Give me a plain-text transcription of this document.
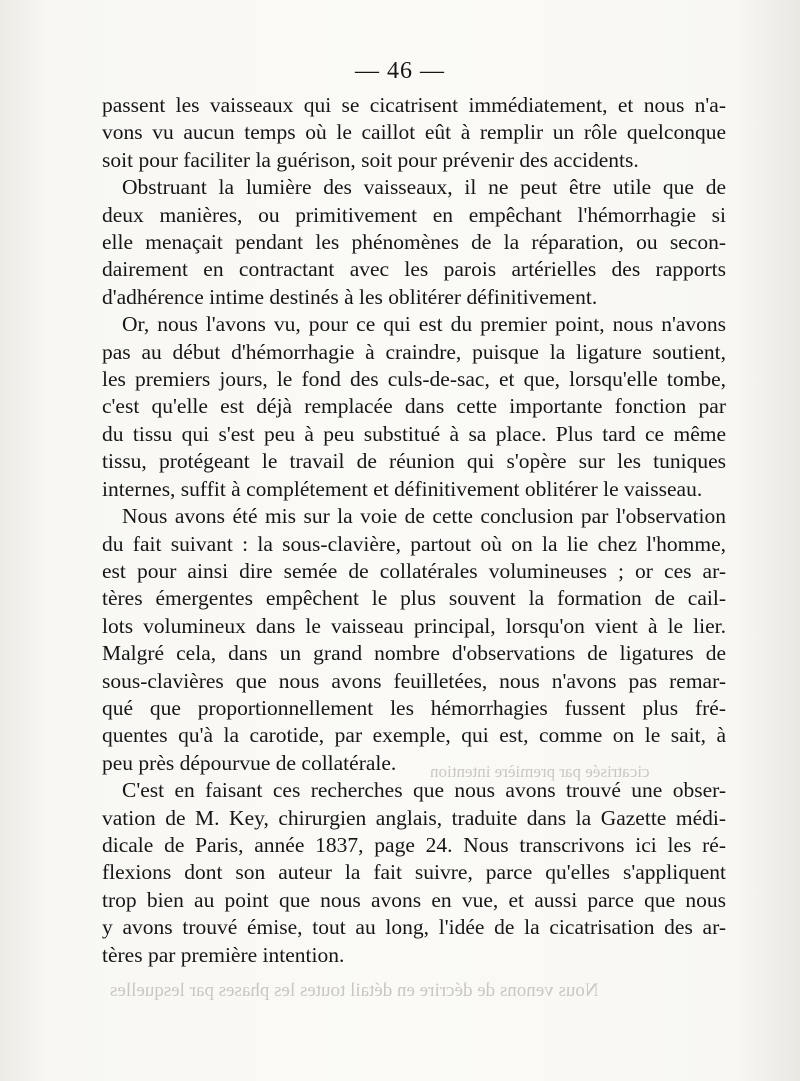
Nous venons de décrire en détail toutes les phases par lesquelles
cicatrisée par première intention
— 46 —

passent les vaisseaux qui se cicatrisent immédiatement, et nous n'a-
vons vu aucun temps où le caillot eût à remplir un rôle quelconque
soit pour faciliter la guérison, soit pour prévenir des accidents.

Obstruant la lumière des vaisseaux, il ne peut être utile que de
deux manières, ou primitivement en empêchant l'hémorrhagie si
elle menaçait pendant les phénomènes de la réparation, ou secon-
dairement en contractant avec les parois artérielles des rapports
d'adhérence intime destinés à les oblitérer définitivement.

Or, nous l'avons vu, pour ce qui est du premier point, nous n'avons
pas au début d'hémorrhagie à craindre, puisque la ligature soutient,
les premiers jours, le fond des culs-de-sac, et que, lorsqu'elle tombe,
c'est qu'elle est déjà remplacée dans cette importante fonction par
du tissu qui s'est peu à peu substitué à sa place. Plus tard ce même
tissu, protégeant le travail de réunion qui s'opère sur les tuniques
internes, suffit à complétement et définitivement oblitérer le vaisseau.

Nous avons été mis sur la voie de cette conclusion par l'observation
du fait suivant : la sous-clavière, partout où on la lie chez l'homme,
est pour ainsi dire semée de collatérales volumineuses ; or ces ar-
tères émergentes empêchent le plus souvent la formation de cail-
lots volumineux dans le vaisseau principal, lorsqu'on vient à le lier.
Malgré cela, dans un grand nombre d'observations de ligatures de
sous-clavières que nous avons feuilletées, nous n'avons pas remar-
qué que proportionnellement les hémorrhagies fussent plus fré-
quentes qu'à la carotide, par exemple, qui est, comme on le sait, à
peu près dépourvue de collatérale.

C'est en faisant ces recherches que nous avons trouvé une obser-
vation de M. Key, chirurgien anglais, traduite dans la Gazette médi-
dicale de Paris, année 1837, page 24. Nous transcrivons ici les ré-
flexions dont son auteur la fait suivre, parce qu'elles s'appliquent
trop bien au point que nous avons en vue, et aussi parce que nous
y avons trouvé émise, tout au long, l'idée de la cicatrisation des ar-
tères par première intention.
